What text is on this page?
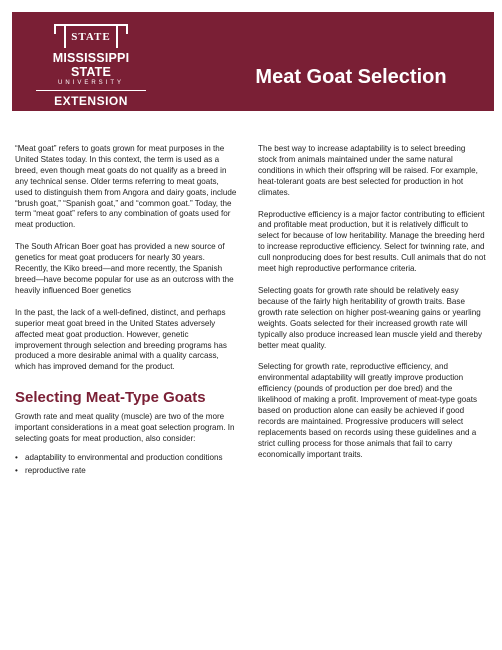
STATE
MISSISSIPPI STATE
UNIVERSITY
EXTENSION
Meat Goat Selection

“Meat goat” refers to goats grown for meat purposes in the United States today. In this context, the term is used as a breed, even though meat goats do not qualify as a breed in any technical sense. Older terms referring to meat goats, used to distinguish them from Angora and dairy goats, include “brush goat,” “Spanish goat,” and “common goat.” Today, the term “meat goat” refers to any combination of goats used for meat production.

The South African Boer goat has provided a new source of genetics for meat goat producers for nearly 30 years. Recently, the Kiko breed—and more recently, the Spanish breed—have become popular for use as an outcross with the heavily influenced Boer genetics

In the past, the lack of a well-defined, distinct, and perhaps superior meat goat breed in the United States adversely affected meat goat production. However, genetic improvement through selection and breeding programs has produced a more desirable animal with a quality carcass, which has improved demand for the product.

Selecting Meat-Type Goats

Growth rate and meat quality (muscle) are two of the more important considerations in a meat goat selection program. In selecting goats for meat production, also consider:

• adaptability to environmental and production conditions
• reproductive rate

The best way to increase adaptability is to select breeding stock from animals maintained under the same natural conditions in which their offspring will be raised. For example, heat-tolerant goats are best selected for production in hot climates.

Reproductive efficiency is a major factor contributing to efficient and profitable meat production, but it is relatively difficult to select for because of low heritability. Manage the breeding herd to increase reproductive efficiency. Select for twinning rate, and cull nonproducing does for best results. Cull animals that do not meet high reproductive performance criteria.

Selecting goats for growth rate should be relatively easy because of the fairly high heritability of growth traits. Base growth rate selection on higher post-weaning gains or yearling weights. Goats selected for their increased growth rate will typically also produce increased lean muscle yield and thereby better meat quality.

Selecting for growth rate, reproductive efficiency, and environmental adaptability will greatly improve production efficiency (pounds of production per doe bred) and the likelihood of making a profit. Improvement of meat-type goats based on production alone can easily be achieved if good records are maintained. Progressive producers will select replacements based on records using these guidelines and a strict culling process for those animals that fail to carry economically important traits.
